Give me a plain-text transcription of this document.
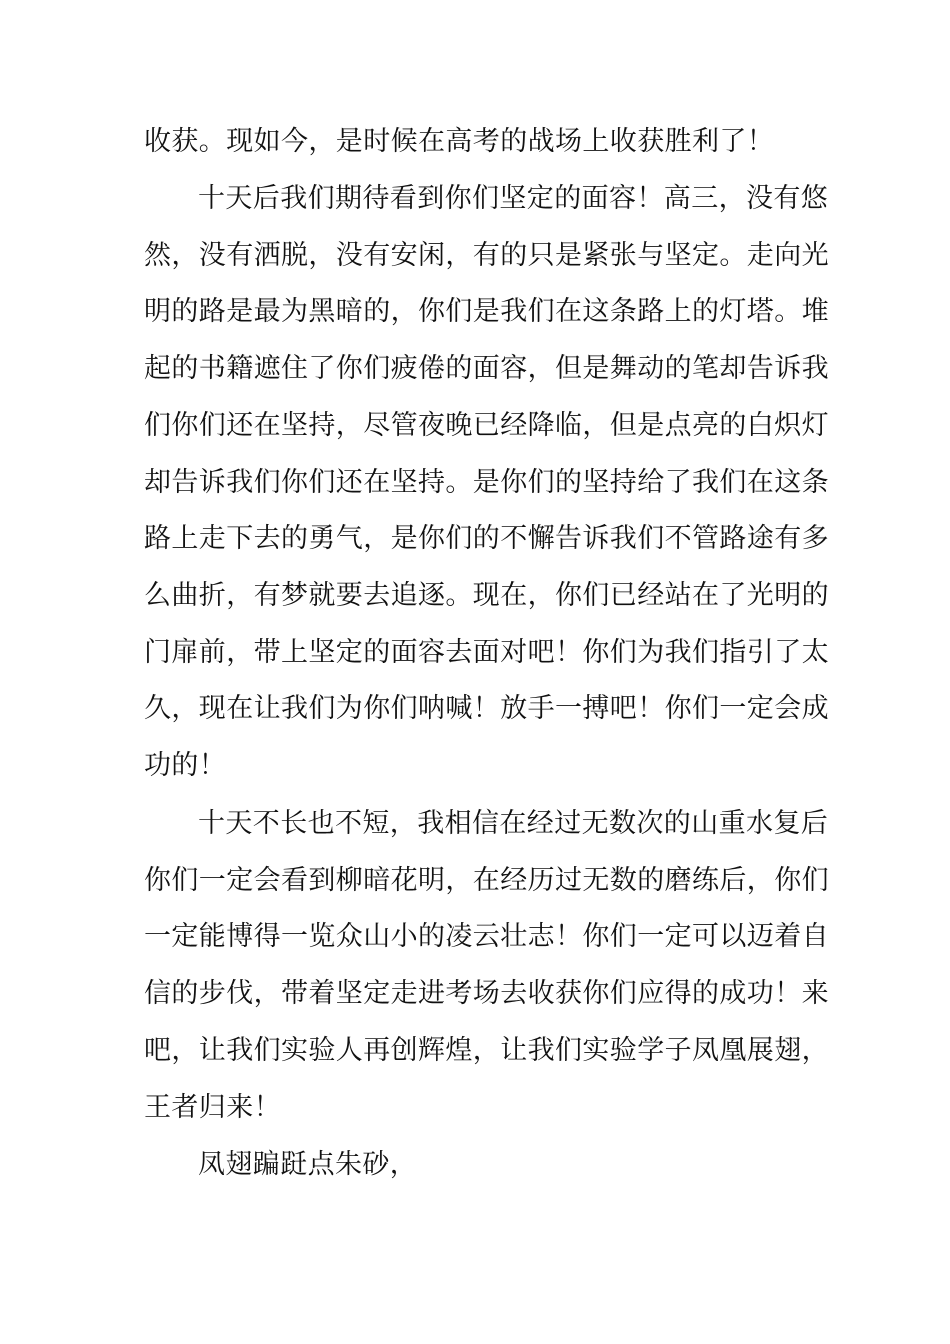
收获。现如今，是时候在高考的战场上收获胜利了！
十天后我们期待看到你们坚定的面容！高三，没有悠
然，没有洒脱，没有安闲，有的只是紧张与坚定。走向光
明的路是最为黑暗的，你们是我们在这条路上的灯塔。堆
起的书籍遮住了你们疲倦的面容，但是舞动的笔却告诉我
们你们还在坚持，尽管夜晚已经降临，但是点亮的白炽灯
却告诉我们你们还在坚持。是你们的坚持给了我们在这条
路上走下去的勇气，是你们的不懈告诉我们不管路途有多
么曲折，有梦就要去追逐。现在，你们已经站在了光明的
门扉前，带上坚定的面容去面对吧！你们为我们指引了太
久，现在让我们为你们呐喊！放手一搏吧！你们一定会成
功的！
十天不长也不短，我相信在经过无数次的山重水复后
你们一定会看到柳暗花明，在经历过无数的磨练后，你们
一定能博得一览众山小的凌云壮志！你们一定可以迈着自
信的步伐，带着坚定走进考场去收获你们应得的成功！来
吧，让我们实验人再创辉煌，让我们实验学子凤凰展翅，
王者归来！
凤翅蹁跹点朱砂，
